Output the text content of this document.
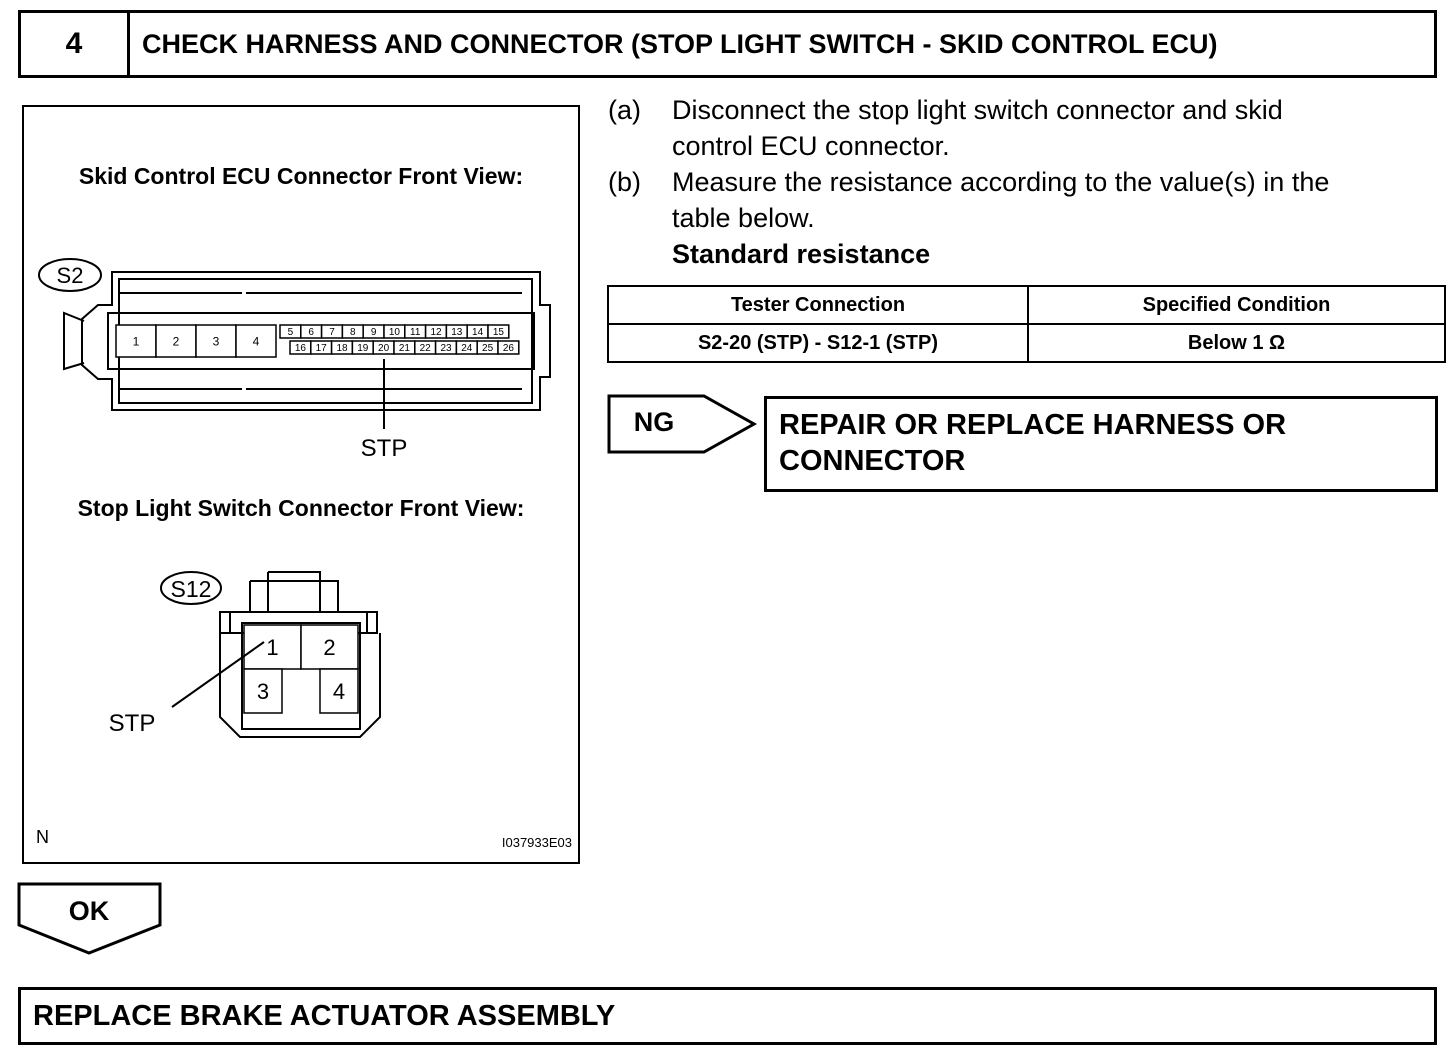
4	CHECK HARNESS AND CONNECTOR (STOP LIGHT SWITCH - SKID CONTROL ECU)
Skid Control ECU Connector Front View:
S2
1	2	3	4
5 6 7 8 9 10 11 12 13 14 15
16 17 18 19 20 21 22 23 24 25 26
STP
Stop Light Switch Connector Front View:
S12
1 2
3	4
STP
N	I037933E03
(a) Disconnect the stop light switch connector and skid
control ECU connector.
(b) Measure the resistance according to the value(s) in the
table below.
Standard resistance
Tester Connection	Specified Condition
S2-20 (STP) - S12-1 (STP)	Below 1 Ω
NG	REPAIR OR REPLACE HARNESS OR
CONNECTOR
OK
REPLACE BRAKE ACTUATOR ASSEMBLY
